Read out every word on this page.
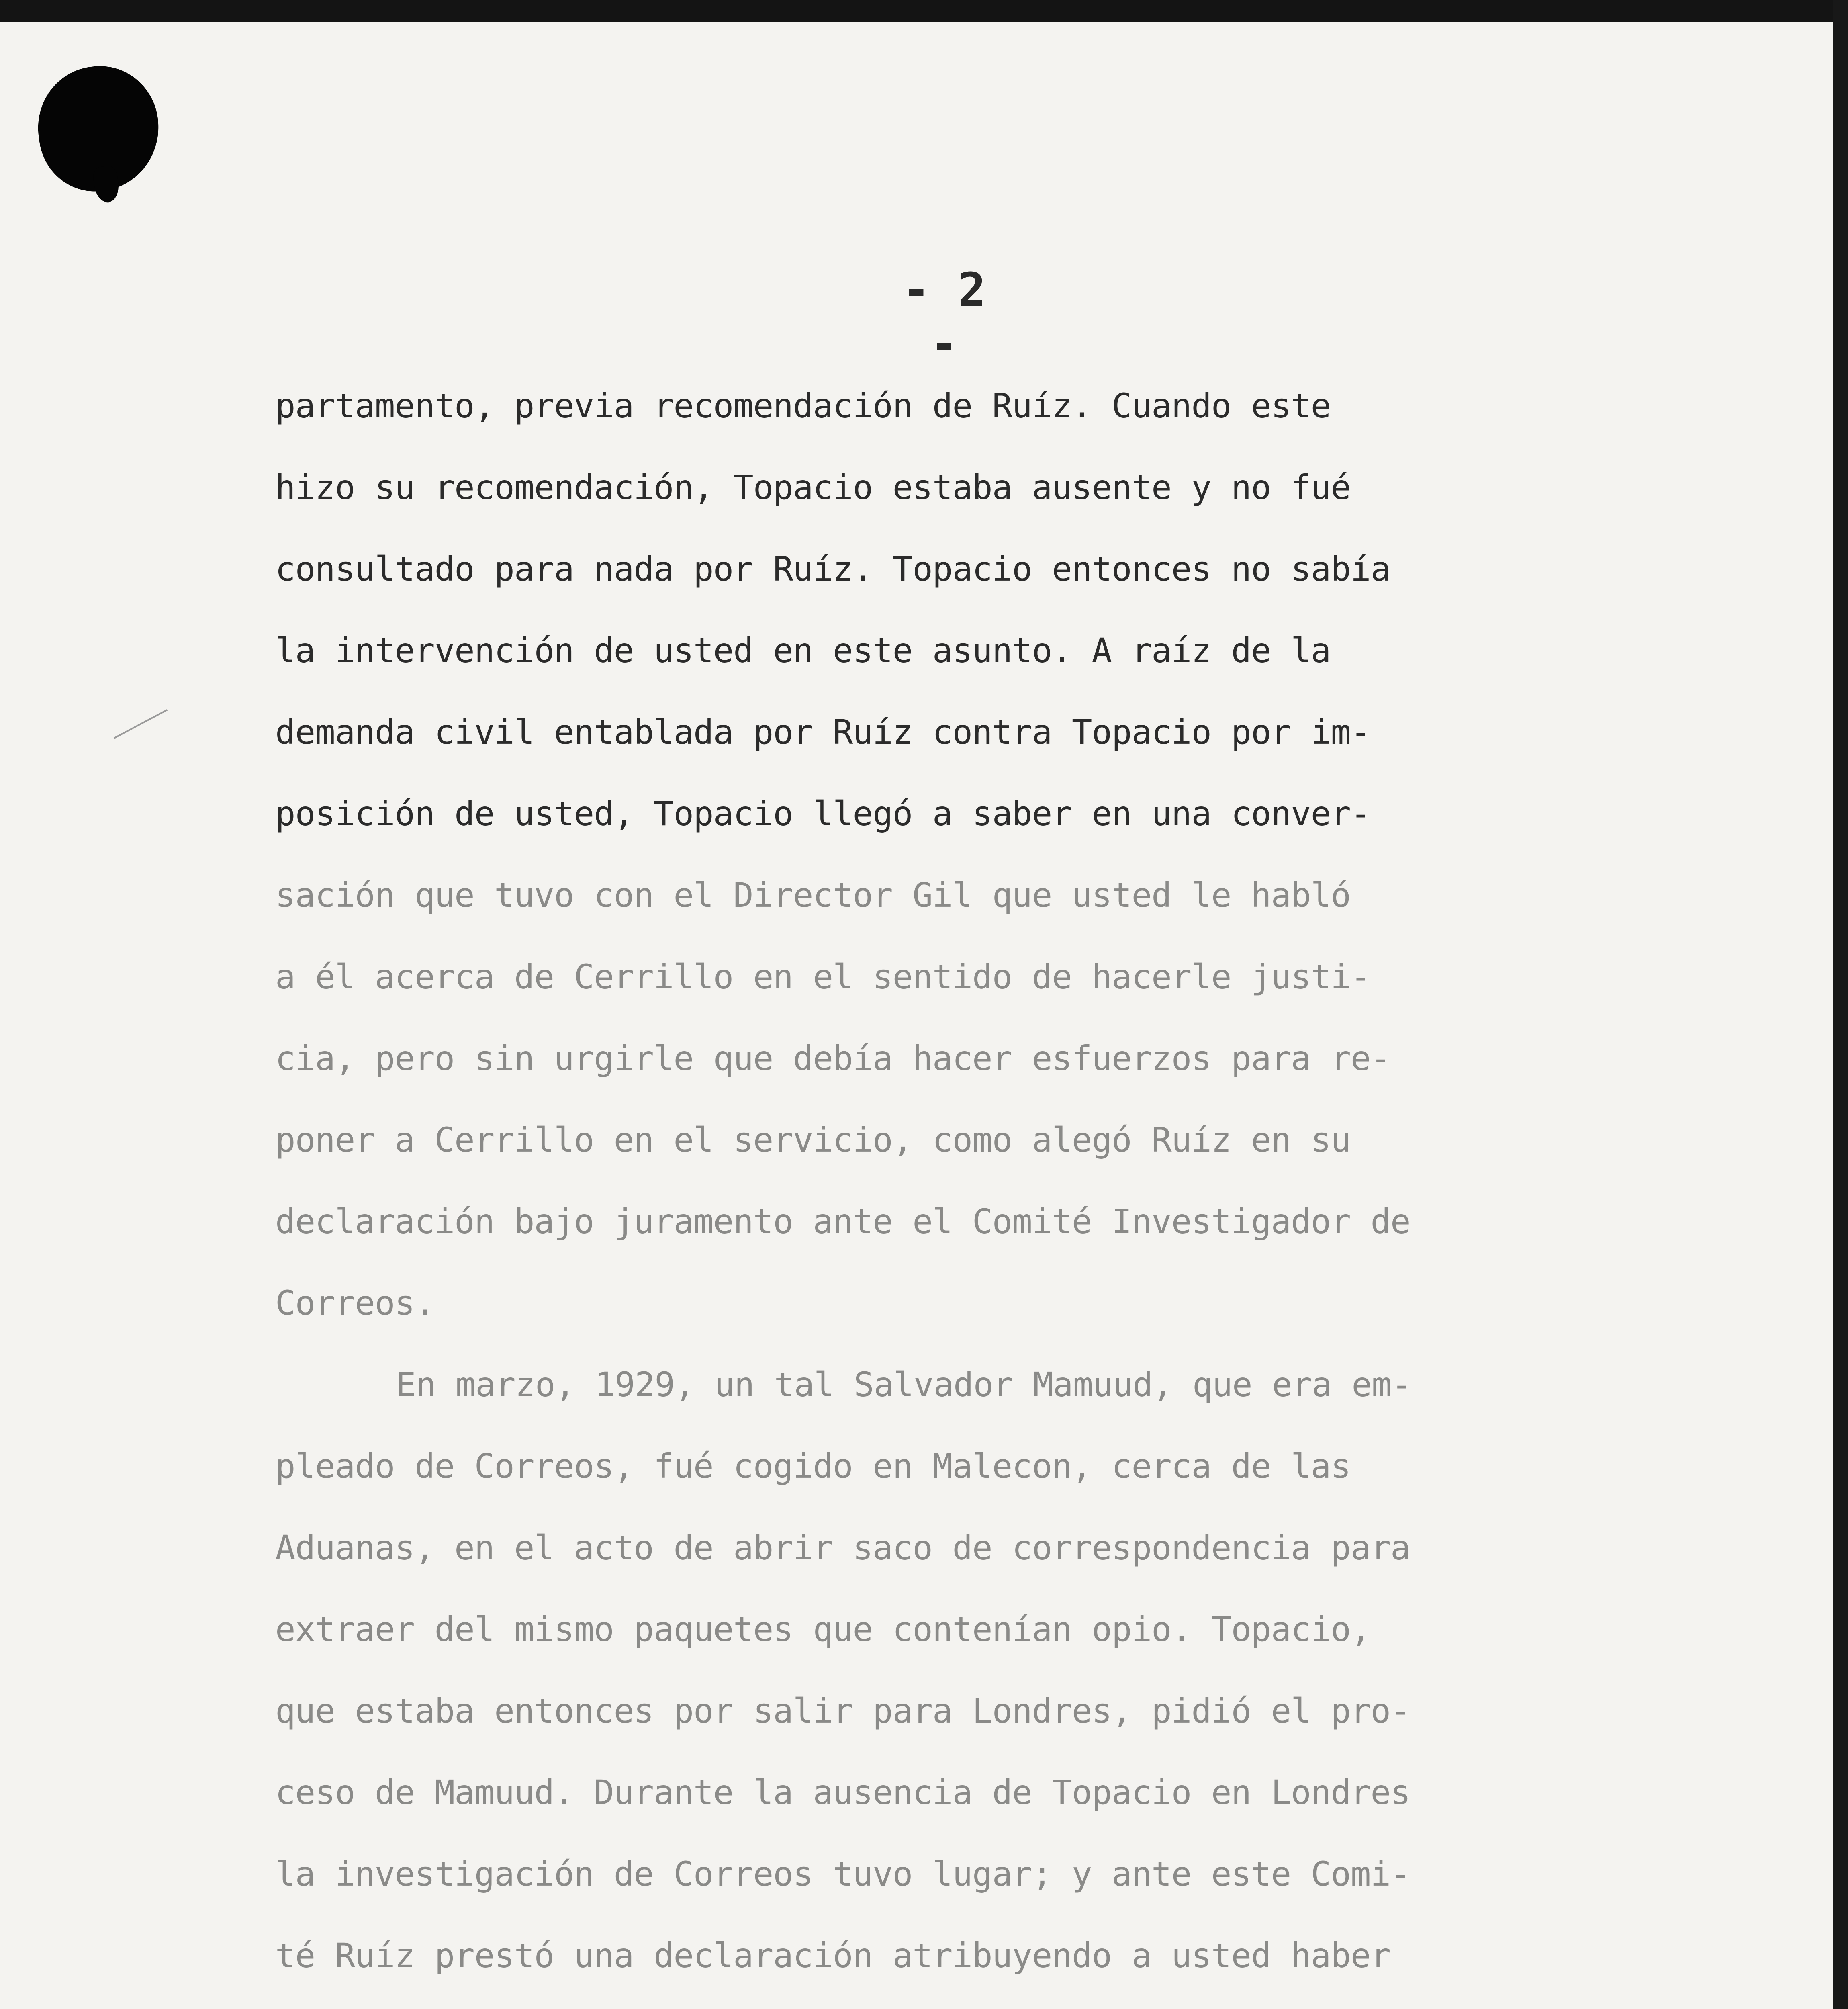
- 2 -

partamento, previa recomendación de Ruíz. Cuando este

hizo su recomendación, Topacio estaba ausente y no fué

consultado para nada por Ruíz. Topacio entonces no sabía

la intervención de usted en este asunto. A raíz de la

demanda civil entablada por Ruíz contra Topacio por im-

posición de usted, Topacio llegó a saber en una conver-

sación que tuvo con el Director Gil que usted le habló

a él acerca de Cerrillo en el sentido de hacerle justi-

cia, pero sin urgirle que debía hacer esfuerzos para re-

poner a Cerrillo en el servicio, como alegó Ruíz en su

declaración bajo juramento ante el Comité Investigador de

Correos.

En marzo, 1929, un tal Salvador Mamuud, que era em-

pleado de Correos, fué cogido en Malecon, cerca de las

Aduanas, en el acto de abrir saco de correspondencia para

extraer del mismo paquetes que contenían opio. Topacio,

que estaba entonces por salir para Londres, pidió el pro-

ceso de Mamuud. Durante la ausencia de Topacio en Londres

la investigación de Correos tuvo lugar; y ante este Comi-

té Ruíz prestó una declaración atribuyendo a usted haber
